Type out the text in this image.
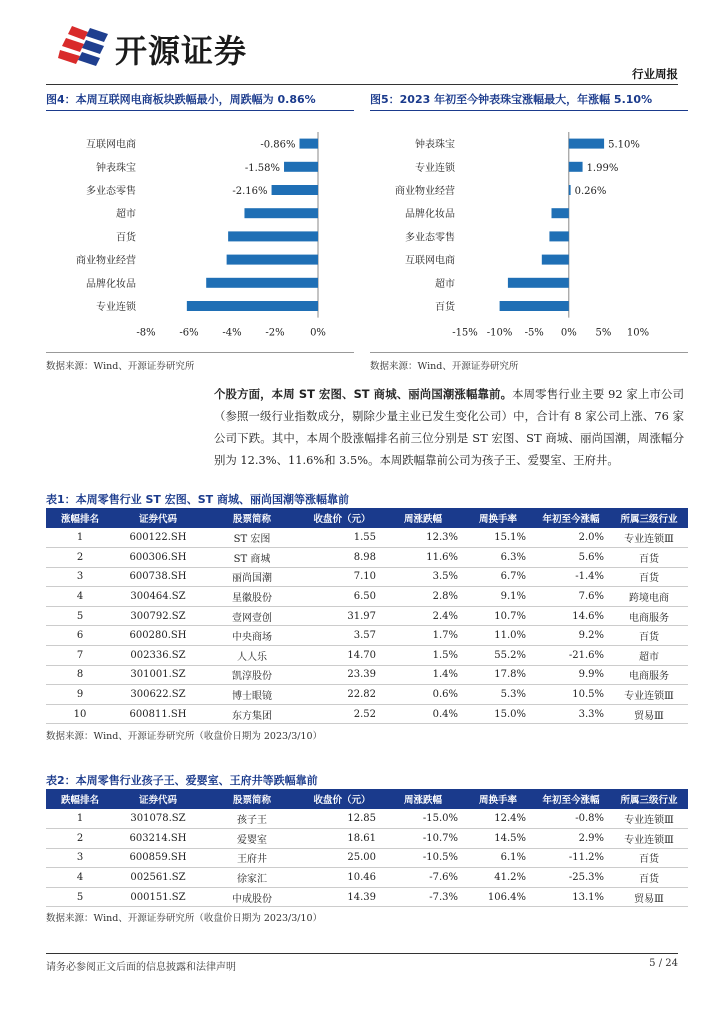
开源证券
行业周报
图4：本周互联网电商板块跌幅最小，周跌幅为 0.86%
互联网电商	-0.86%
钟表珠宝	-1.58%
多业态零售	-2.16%
超市
百货
商业物业经营
品牌化妆品
专业连锁
-8% -6% -4% -2%	0%
数据来源：Wind、开源证券研究所
图5：2023 年初至今钟表珠宝涨幅最大，年涨幅 5.10%
钟表珠宝	5.10%
专业连锁	1.99%
商业物业经营	0.26%
品牌化妆品
多业态零售
互联网电商
超市
百货
-15% -10% -5% 0% 5% 10%
数据来源：Wind、开源证券研究所
个股方面，本周 ST 宏图、ST 商城、丽尚国潮涨幅靠前。本周零售行业主要 92 家上市公司（参照一级行业指数成分，剔除少量主业已发生变化公司）中，合计有 8 家公司上涨、76 家公司下跌。其中，本周个股涨幅排名前三位分别是 ST 宏图、ST 商城、丽尚国潮，周涨幅分别为 12.3%、11.6%和 3.5%。本周跌幅靠前公司为孩子王、爱婴室、王府井。
表1：本周零售行业 ST 宏图、ST 商城、丽尚国潮等涨幅靠前
涨幅排名	证券代码	股票简称	收盘价（元）	周涨跌幅	周换手率	年初至今涨幅	所属三级行业
1	600122.SH	ST 宏图	1.55	12.3%	15.1%	2.0%	专业连锁Ⅲ
2	600306.SH	ST 商城	8.98	11.6%	6.3%	5.6%	百货
3	600738.SH	丽尚国潮	7.10	3.5%	6.7%	-1.4%	百货
4	300464.SZ	星徽股份	6.50	2.8%	9.1%	7.6%	跨境电商
5	300792.SZ	壹网壹创	31.97	2.4%	10.7%	14.6%	电商服务
6	600280.SH	中央商场	3.57	1.7%	11.0%	9.2%	百货
7	002336.SZ	人人乐	14.70	1.5%	55.2%	-21.6%	超市
8	301001.SZ	凯淳股份	23.39	1.4%	17.8%	9.9%	电商服务
9	300622.SZ	博士眼镜	22.82	0.6%	5.3%	10.5%	专业连锁Ⅲ
10	600811.SH	东方集团	2.52	0.4%	15.0%	3.3%	贸易Ⅲ
数据来源：Wind、开源证券研究所（收盘价日期为 2023/3/10）
表2：本周零售行业孩子王、爱婴室、王府井等跌幅靠前
跌幅排名	证券代码	股票简称	收盘价（元）	周涨跌幅	周换手率	年初至今涨幅	所属三级行业
1	301078.SZ	孩子王	12.85	-15.0%	12.4%	-0.8%	专业连锁Ⅲ
2	603214.SH	爱婴室	18.61	-10.7%	14.5%	2.9%	专业连锁Ⅲ
3	600859.SH	王府井	25.00	-10.5%	6.1%	-11.2%	百货
4	002561.SZ	徐家汇	10.46	-7.6%	41.2%	-25.3%	百货
5	000151.SZ	中成股份	14.39	-7.3%	106.4%	13.1%	贸易Ⅲ
数据来源：Wind、开源证券研究所（收盘价日期为 2023/3/10）
请务必参阅正文后面的信息披露和法律声明	5 / 24
